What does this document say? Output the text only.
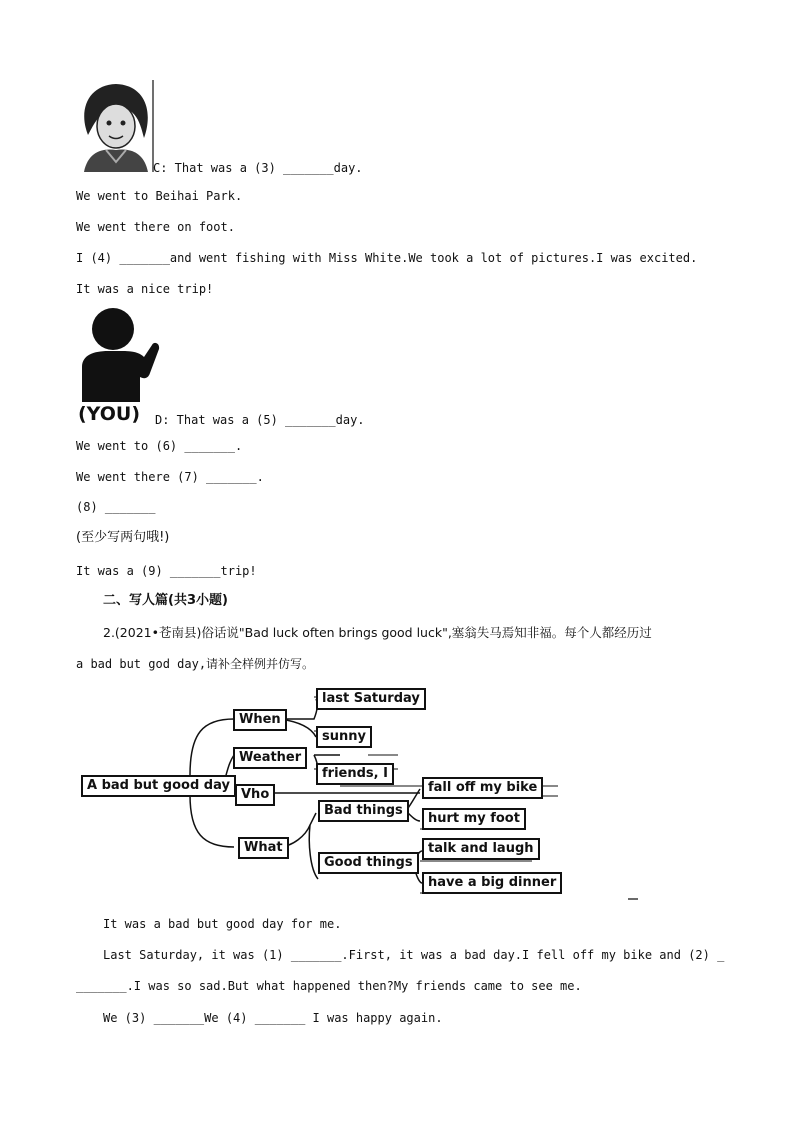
C: That was a (3) _______day.
We went to Beihai Park.
We went there on foot.
I (4) _______and went fishing with Miss White.We took a lot of pictures.I was excited.
It was a nice trip!
(YOU) D: That was a (5) _______day.
We went to (6) _______.
We went there (7) _______.
(8) _______
(至少写两句哦!)
It was a (9) _______trip!
二、写人篇(共3小题)
2.(2021•苍南县)俗话说"Bad luck often brings good luck",塞翁失马焉知非福。每个人都经历过
a bad but god day,请补全样例并仿写。
A bad but good day
When
Weather
Vho
What
last Saturday
sunny
friends, I
Bad things
Good things
fall off my bike
hurt my foot
talk and laugh
have a big dinner
It was a bad but good day for me.
Last Saturday, it was (1) _______.First, it was a bad day.I fell off my bike and (2) _
_______.I was so sad.But what happened then?My friends came to see me.
We (3) _______We (4) _______ I was happy again.
